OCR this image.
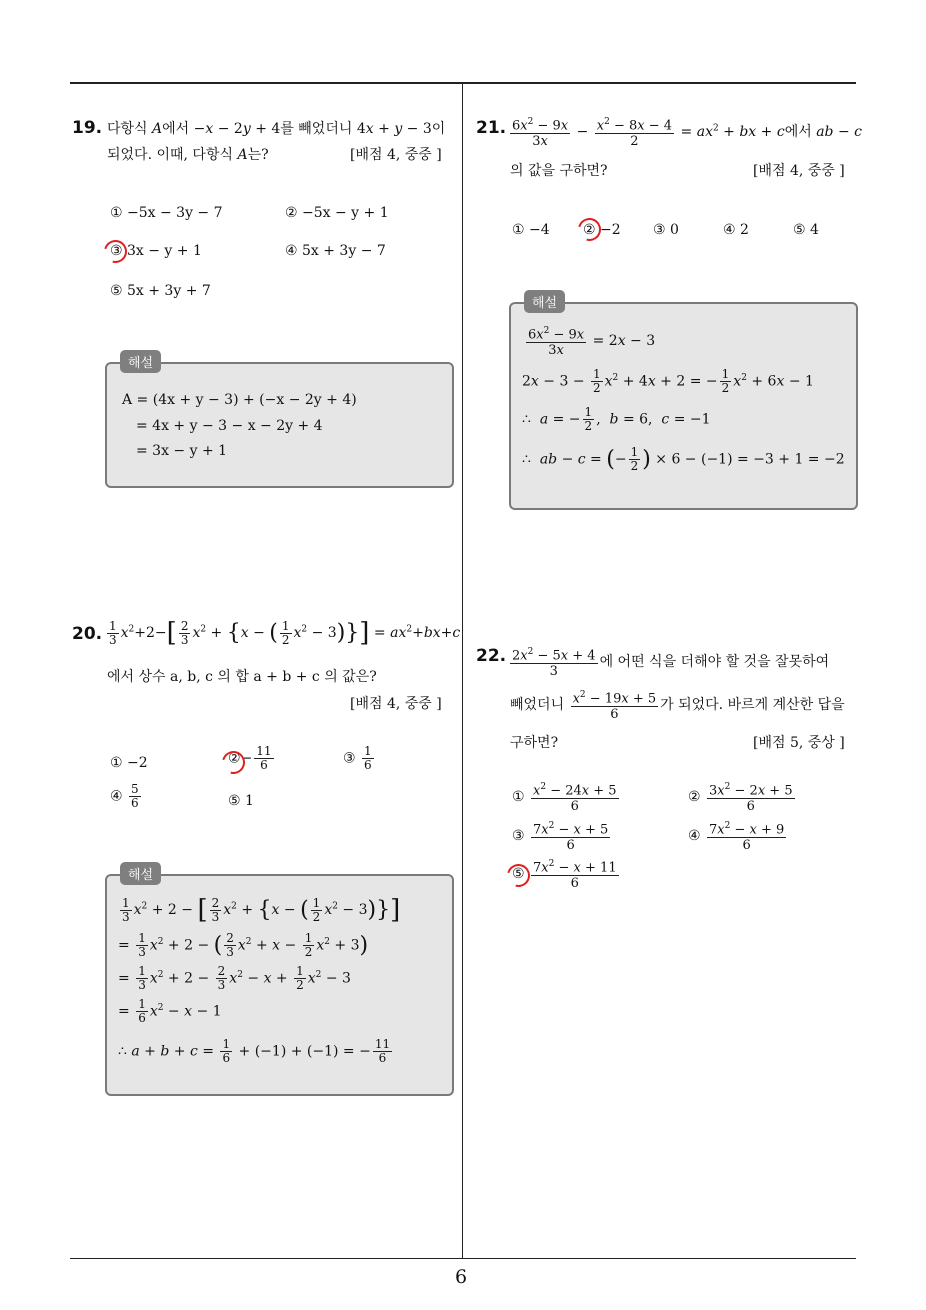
6
19. 다항식 A에서 −x − 2y + 4를 빼었더니 4x + y − 3이
되었다. 이때, 다항식 A는?	[배점 4, 중중 ]
① −5x − 3y − 7	② −5x − y + 1
③ 3x − y + 1	④ 5x + 3y − 7
⑤ 5x + 3y + 7
해설
A = (4x + y − 3) + (−x − 2y + 4)
= 4x + y − 3 − x − 2y + 4
= 3x − y + 1
20. $\frac{1}{3} x^2+2-[ \frac{2}{3} x^2 + \{x$ − ( $\frac{1}{2} x^2 - 3)\}] = ax^2+bx+c$
에서 상수 a, b, c 의 합 a + b + c 의 값은?
[배점 4, 중중 ]
① −2	②− $\frac{11}{6}$	③ $\frac{1}{6}$
④ $\frac{5}{6}$	⑤ 1
해설
$\frac{1}{3} x^2 + 2$ − [ $\frac{2}{3} x^2 + \{x$ − ( $\frac{1}{2} x^2 - 3$)}]
= $\frac{1}{3} x^2 + 2$ − ( $\frac{2}{3} x^2 + x - \frac{1}{2} x^2 + 3$)
= $\frac{1}{3} x^2 + 2 - \frac{2}{3} x^2 - x + \frac{1}{2} x^2 - 3$
= $\frac{1}{6} x^2 - x - 1$
∴ $a + b + c = \frac{1}{6} + (-1) + (-1)$ = − $\frac{11}{6}$
21. $\frac{6x^2 - 9x}{3x} - \frac{x^2 - 8x - 4}{2} = ax^2$ + bx + c에서 ab − c
의 값을 구하면?	[배점 4, 중중 ]
① −4 ② −2 ③ 0	④ 2	⑤ 4
해설
$\frac{6x^2 - 9x}{3x} = 2x - 3$
$2x - 3 - \frac{1}{2} x^2 + 4x + 2$ = − $\frac{1}{2} x^2 + 6x - 1$
∴  a = − $\frac{1}{2}$ ,  b = 6,  c = −1
∴  ab − c = (− $\frac{1}{2}$ ) × 6 − (−1) = −3 + 1 = −2
22. $\frac{2x^2 - 5x + 4}{3}$ 에 어떤 식을 더해야 할 것을 잘못하여
빼었더니 $\frac{x^2 - 19x + 5}{6}$ 가 되었다. 바르게 계산한 답을
구하면?	[배점 5, 중상 ]
① $\frac{x^2 - 24x + 5}{6}$	② $\frac{3x^2 - 2x + 5}{6}$
③ $\frac{7x^2 - x + 5}{6}$	④ $\frac{7x^2 - x + 9}{6}$
⑤ $\frac{7x^2 - x + 11}{6}$
